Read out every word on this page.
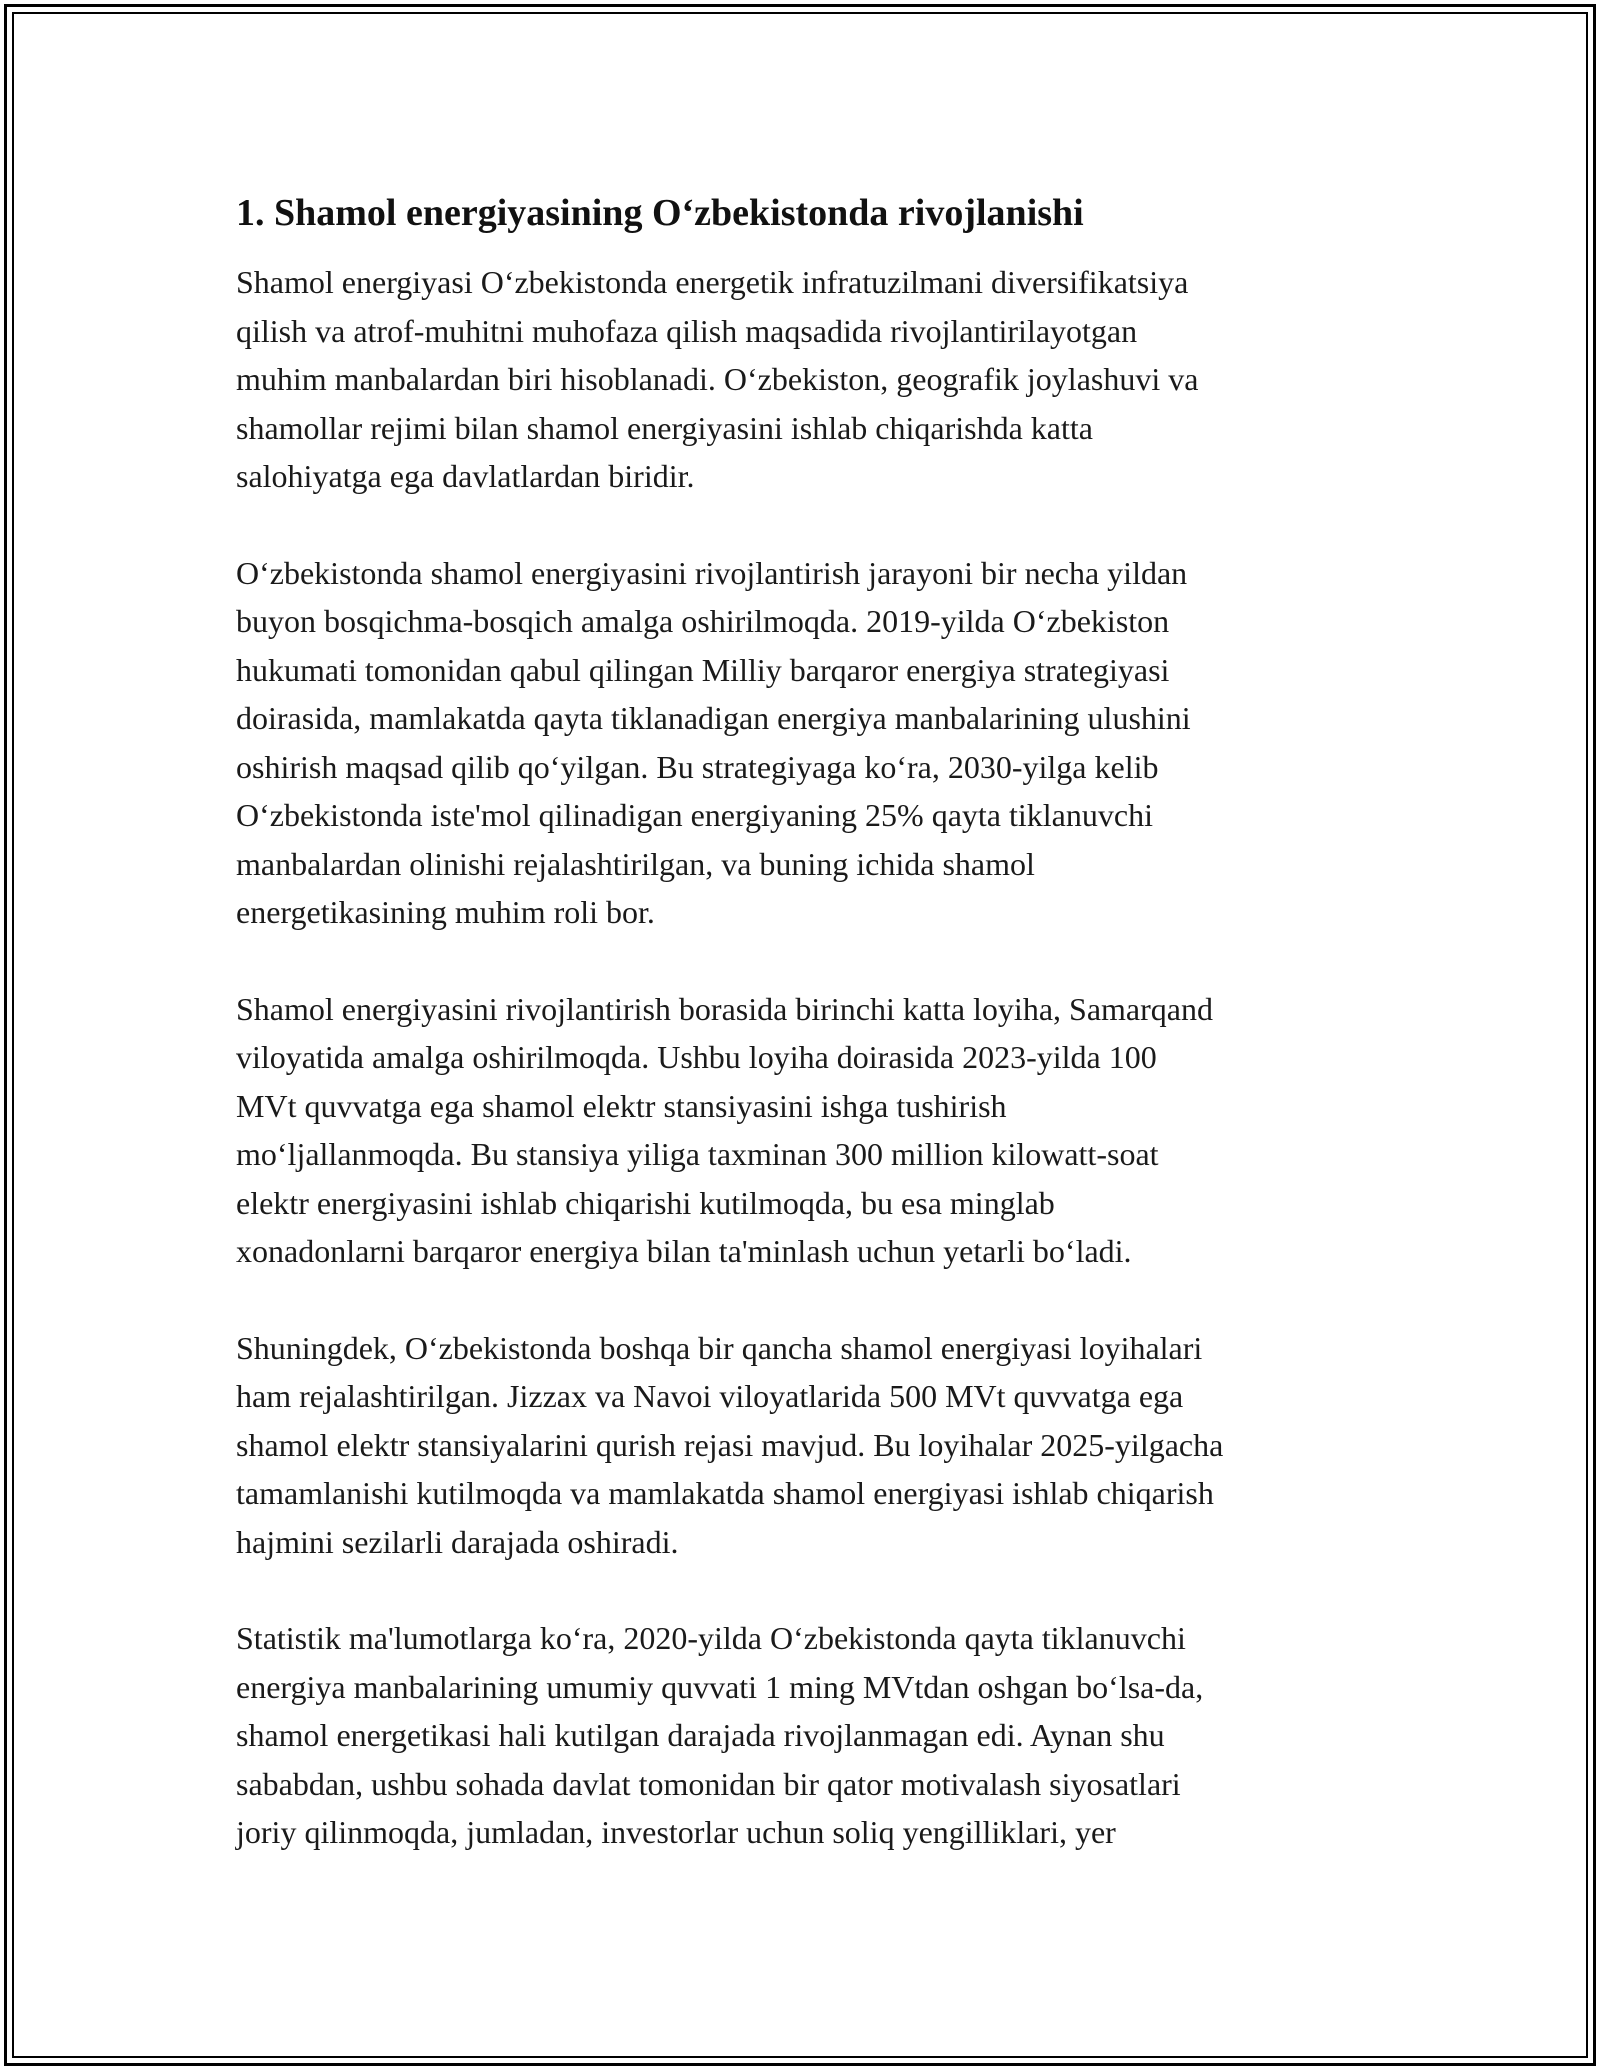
1. Shamol energiyasining O‘zbekistonda rivojlanishi

Shamol energiyasi O‘zbekistonda energetik infratuzilmani diversifikatsiya
qilish va atrof-muhitni muhofaza qilish maqsadida rivojlantirilayotgan
muhim manbalardan biri hisoblanadi. O‘zbekiston, geografik joylashuvi va
shamollar rejimi bilan shamol energiyasini ishlab chiqarishda katta
salohiyatga ega davlatlardan biridir.

O‘zbekistonda shamol energiyasini rivojlantirish jarayoni bir necha yildan
buyon bosqichma-bosqich amalga oshirilmoqda. 2019-yilda O‘zbekiston
hukumati tomonidan qabul qilingan Milliy barqaror energiya strategiyasi
doirasida, mamlakatda qayta tiklanadigan energiya manbalarining ulushini
oshirish maqsad qilib qo‘yilgan. Bu strategiyaga ko‘ra, 2030-yilga kelib
O‘zbekistonda iste'mol qilinadigan energiyaning 25% qayta tiklanuvchi
manbalardan olinishi rejalashtirilgan, va buning ichida shamol
energetikasining muhim roli bor.

Shamol energiyasini rivojlantirish borasida birinchi katta loyiha, Samarqand
viloyatida amalga oshirilmoqda. Ushbu loyiha doirasida 2023-yilda 100
MVt quvvatga ega shamol elektr stansiyasini ishga tushirish
mo‘ljallanmoqda. Bu stansiya yiliga taxminan 300 million kilowatt-soat
elektr energiyasini ishlab chiqarishi kutilmoqda, bu esa minglab
xonadonlarni barqaror energiya bilan ta'minlash uchun yetarli bo‘ladi.

Shuningdek, O‘zbekistonda boshqa bir qancha shamol energiyasi loyihalari
ham rejalashtirilgan. Jizzax va Navoi viloyatlarida 500 MVt quvvatga ega
shamol elektr stansiyalarini qurish rejasi mavjud. Bu loyihalar 2025-yilgacha
tamamlanishi kutilmoqda va mamlakatda shamol energiyasi ishlab chiqarish
hajmini sezilarli darajada oshiradi.

Statistik ma'lumotlarga ko‘ra, 2020-yilda O‘zbekistonda qayta tiklanuvchi
energiya manbalarining umumiy quvvati 1 ming MVtdan oshgan bo‘lsa-da,
shamol energetikasi hali kutilgan darajada rivojlanmagan edi. Aynan shu
sababdan, ushbu sohada davlat tomonidan bir qator motivalash siyosatlari
joriy qilinmoqda, jumladan, investorlar uchun soliq yengilliklari, yer
